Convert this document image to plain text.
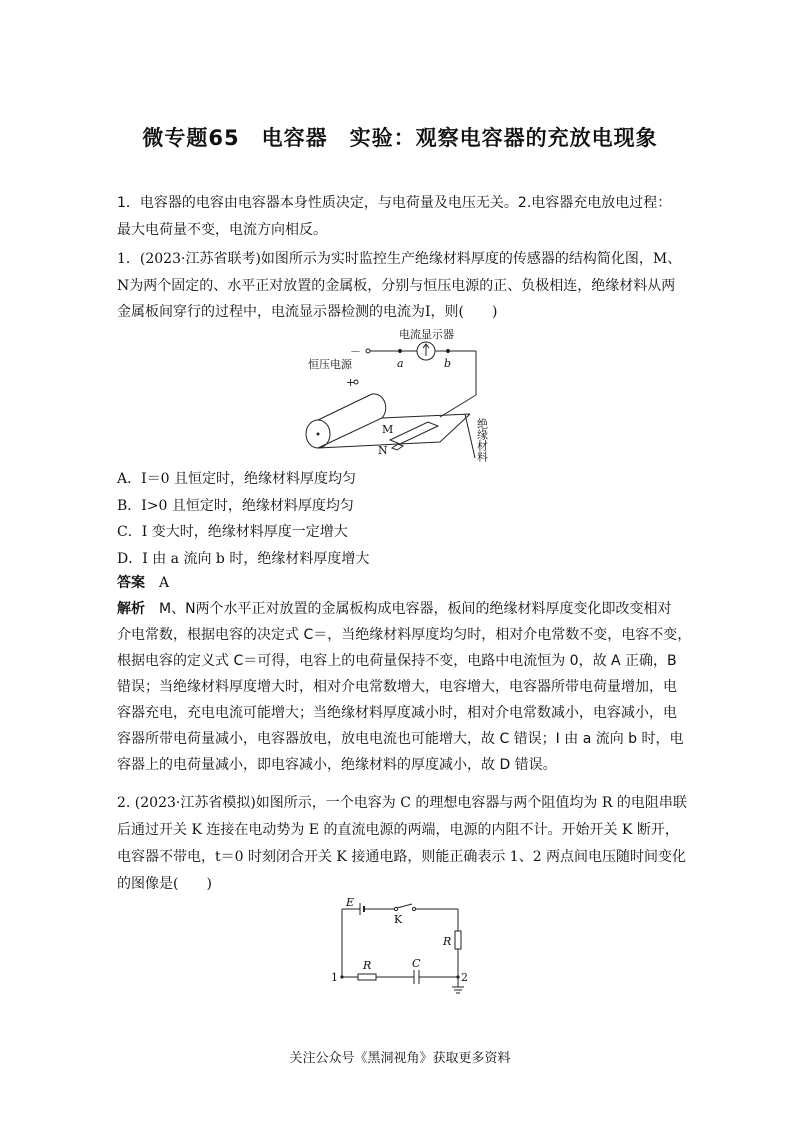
微专题65　电容器　实验：观察电容器的充放电现象
1．电容器的电容由电容器本身性质决定，与电荷量及电压无关。2.电容器充电放电过程：
最大电荷量不变，电流方向相反。
1．(2023·江苏省联考)如图所示为实时监控生产绝缘材料厚度的传感器的结构简化图，M、
N为两个固定的、水平正对放置的金属板，分别与恒压电源的正、负极相连，绝缘材料从两
金属板间穿行的过程中，电流显示器检测的电流为I，则(　　)
电流显示器
恒压电源
－
+
a	b
M
N	绝缘材料
A．I＝0 且恒定时，绝缘材料厚度均匀
B．I>0 且恒定时，绝缘材料厚度均匀
C．I 变大时，绝缘材料厚度一定增大
D．I 由 a 流向 b 时，绝缘材料厚度增大
答案　 A
解析　 M、N两个水平正对放置的金属板构成电容器，板间的绝缘材料厚度变化即改变相对
介电常数，根据电容的决定式 C＝，当绝缘材料厚度均匀时，相对介电常数不变，电容不变，
根据电容的定义式 C＝可得，电容上的电荷量保持不变，电路中电流恒为 0，故 A 正确，B
错误；当绝缘材料厚度增大时，相对介电常数增大，电容增大，电容器所带电荷量增加，电
容器充电，充电电流可能增大；当绝缘材料厚度减小时，相对介电常数减小，电容减小，电
容器所带电荷量减小，电容器放电，放电电流也可能增大，故 C 错误；I 由 a 流向 b 时，电
容器上的电荷量减小，即电容减小，绝缘材料的厚度减小，故 D 错误。
2. (2023·江苏省模拟)如图所示，一个电容为 C 的理想电容器与两个阻值均为 R 的电阻串联
后通过开关 K 连接在电动势为 E 的直流电源的两端，电源的内阻不计。开始开关 K 断开，
电容器不带电，t＝0 时刻闭合开关 K 接通电路，则能正确表示 1、2 两点间电压随时间变化
的图像是(　　)
E
K
R
R	C
1	2
关注公众号《黑洞视角》获取更多资料
